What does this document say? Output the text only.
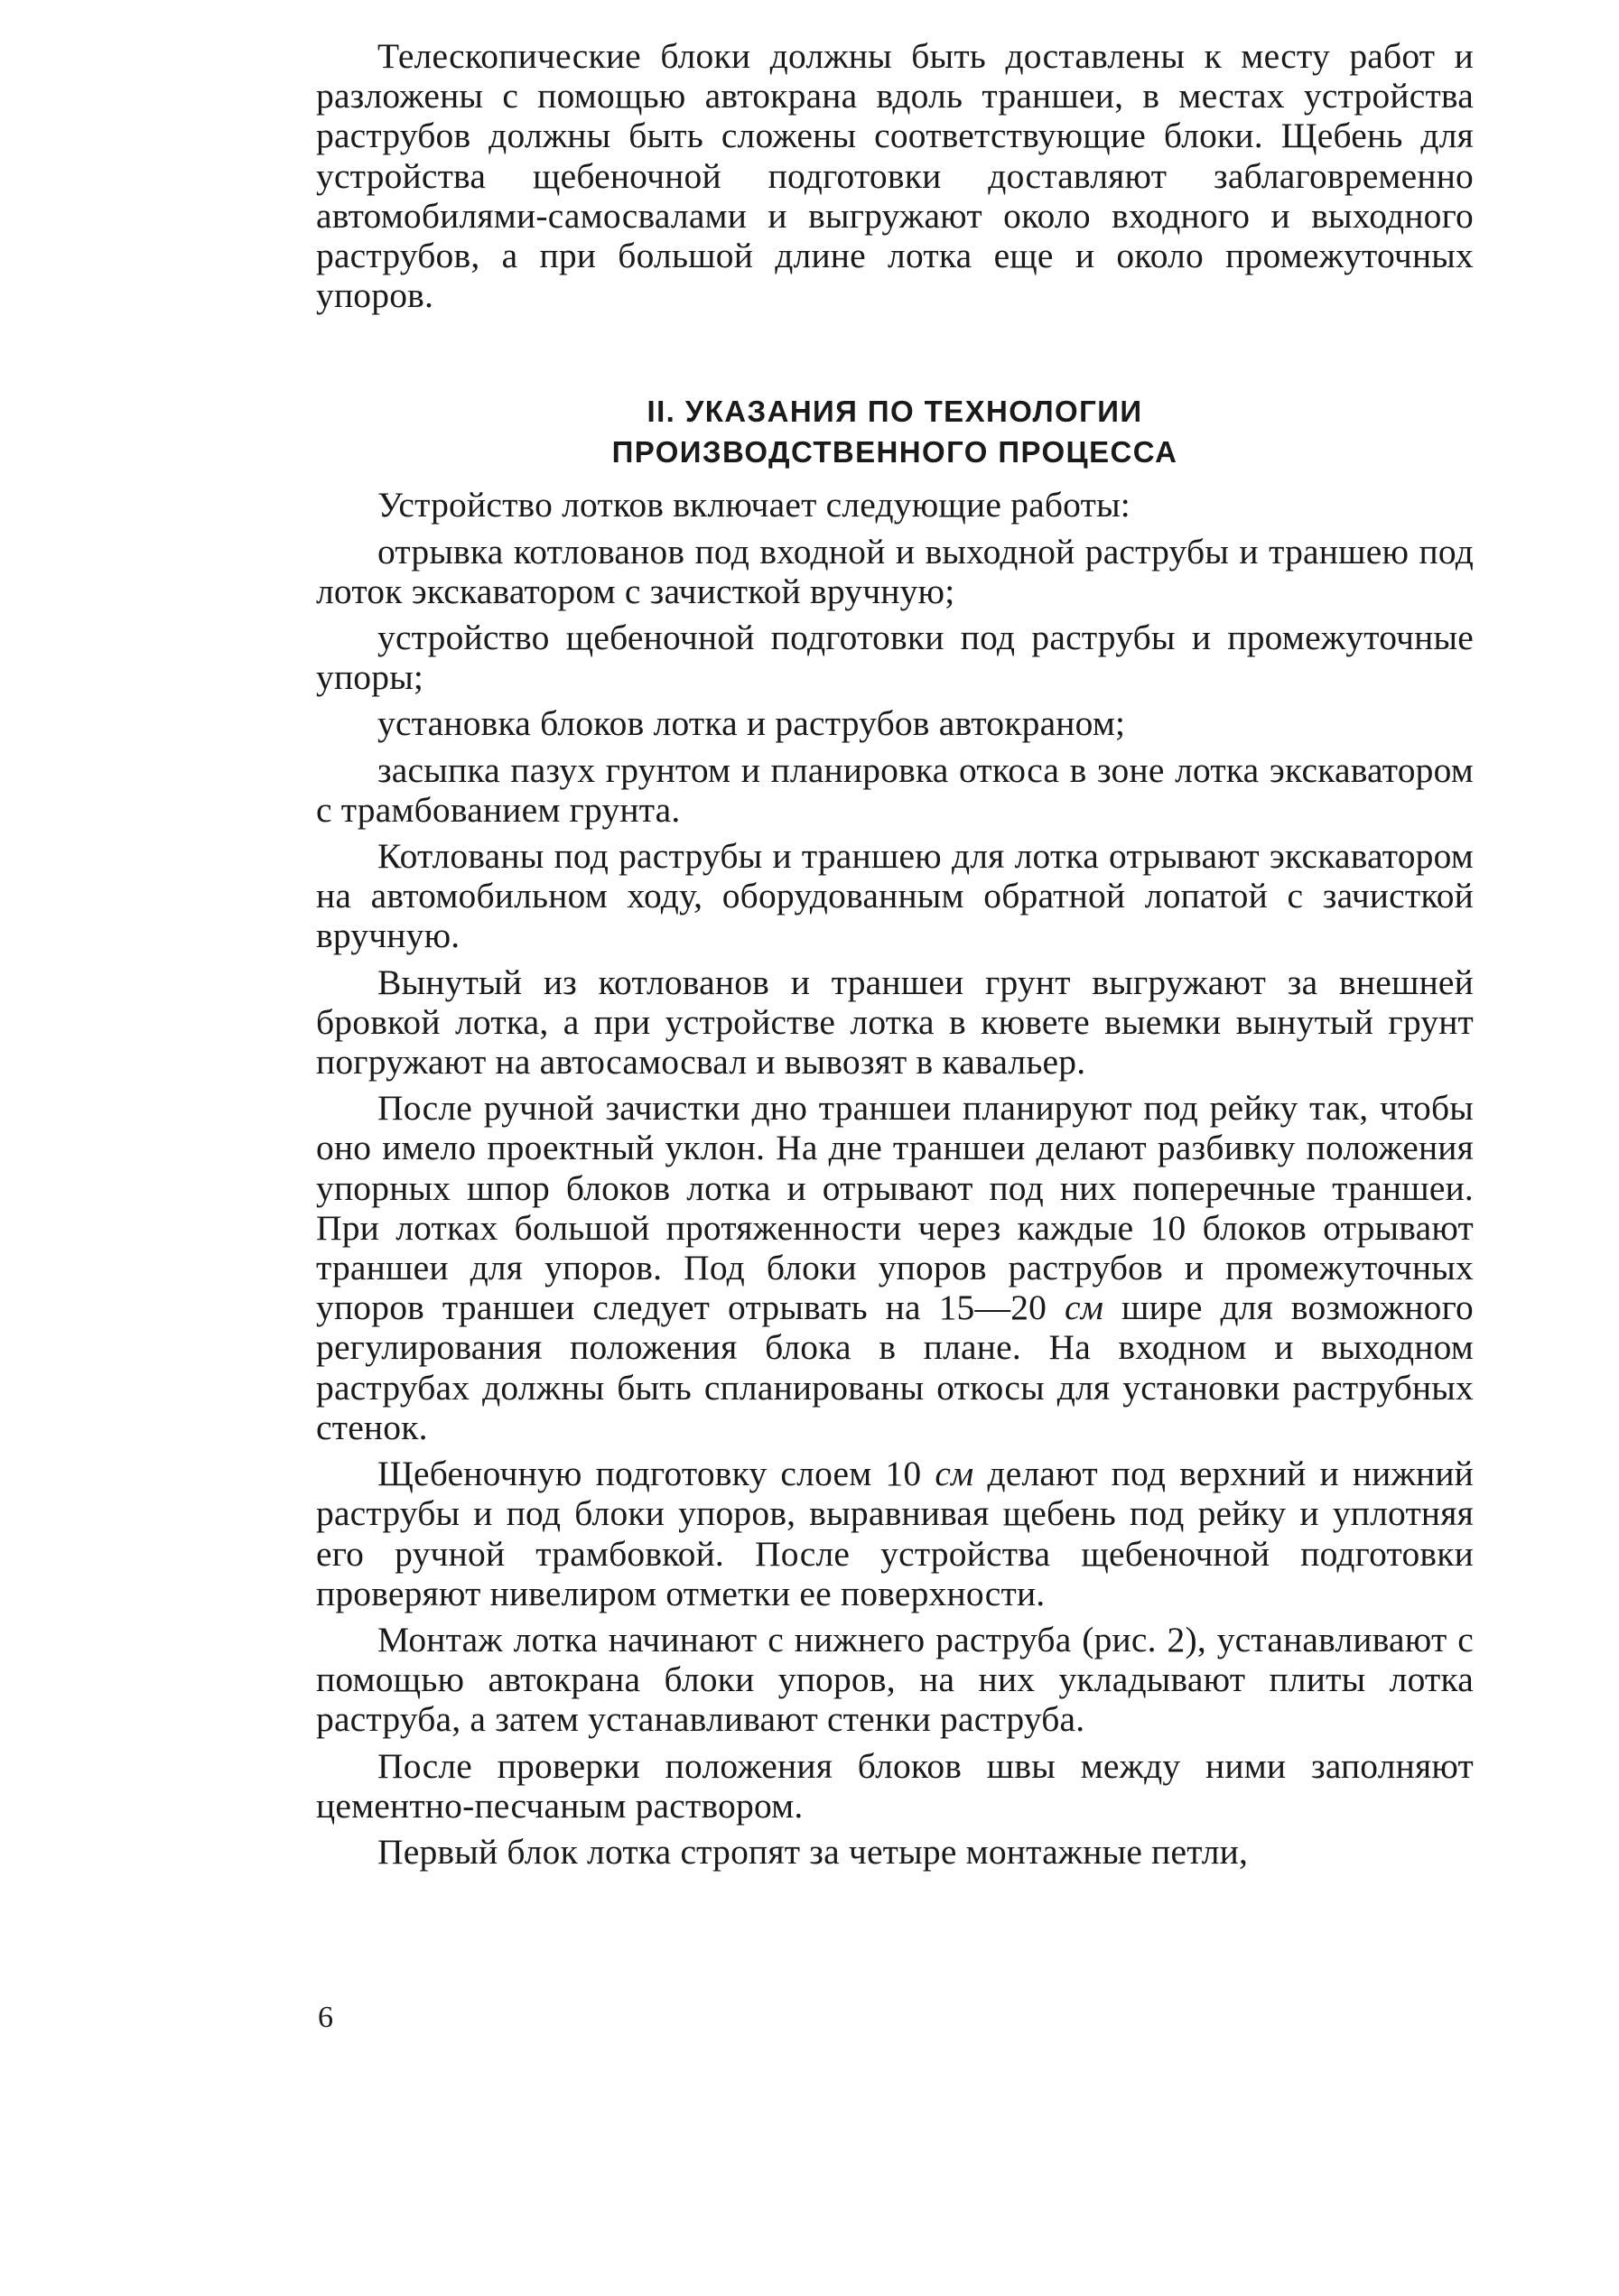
Телескопические блоки должны быть доставлены к месту работ и разложены с помощью автокрана вдоль траншеи, в местах устройства раструбов должны быть сложены соответствующие блоки. Щебень для устройства щебеночной подготовки доставляют заблаговременно автомобилями-самосвалами и выгружают около входного и выходного раструбов, а при большой длине лотка еще и около промежуточных упоров.

II. УКАЗАНИЯ ПО ТЕХНОЛОГИИ
ПРОИЗВОДСТВЕННОГО ПРОЦЕССА

Устройство лотков включает следующие работы:

отрывка котлованов под входной и выходной раструбы и траншею под лоток экскаватором с зачисткой вручную;

устройство щебеночной подготовки под раструбы и промежуточные упоры;

установка блоков лотка и раструбов автокраном;

засыпка пазух грунтом и планировка откоса в зоне лотка экскаватором с трамбованием грунта.

Котлованы под раструбы и траншею для лотка отрывают экскаватором на автомобильном ходу, оборудованным обратной лопатой с зачисткой вручную.

Вынутый из котлованов и траншеи грунт выгружают за внешней бровкой лотка, а при устройстве лотка в кювете выемки вынутый грунт погружают на автосамосвал и вывозят в кавальер.

После ручной зачистки дно траншеи планируют под рейку так, чтобы оно имело проектный уклон. На дне траншеи делают разбивку положения упорных шпор блоков лотка и отрывают под них поперечные траншеи. При лотках большой протяженности через каждые 10 блоков отрывают траншеи для упоров. Под блоки упоров раструбов и промежуточных упоров траншеи следует отрывать на 15—20 см шире для возможного регулирования положения блока в плане. На входном и выходном раструбах должны быть спланированы откосы для установки раструбных стенок.

Щебеночную подготовку слоем 10 см делают под верхний и нижний раструбы и под блоки упоров, выравнивая щебень под рейку и уплотняя его ручной трамбовкой. После устройства щебеночной подготовки проверяют нивелиром отметки ее поверхности.

Монтаж лотка начинают с нижнего раструба (рис. 2), устанавливают с помощью автокрана блоки упоров, на них укладывают плиты лотка раструба, а затем устанавливают стенки раструба.

После проверки положения блоков швы между ними заполняют цементно-песчаным раствором.

Первый блок лотка стропят за четыре монтажные петли,

6
